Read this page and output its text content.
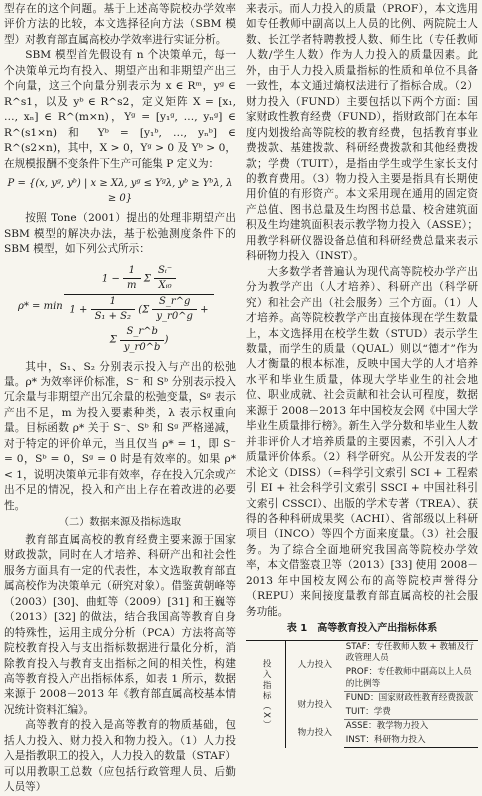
型存在的这个问题。基于上述高等院校办学效率评价方法的比较，本文选择径向方法（SBM 模型）对教育部直属高校办学效率进行实证分析。

SBM 模型首先假设有 n 个决策单元，每一个决策单元均有投入、期望产出和非期望产出三个向量，这三个向量分别表示为 x ∈ Rᵐ，yᵍ ∈ R^s1，以及 yᵇ ∈ R^s2，定义矩阵 X = [x₁, …, xₙ] ∈ R^(m×n)，Yᵍ = [y₁ᵍ, …, yₙᵍ] ∈ R^(s1×n) 和 Yᵇ = [y₁ᵇ, …, yₙᵇ] ∈ R^(s2×n)，其中，X > 0，Yᵍ > 0 及 Yᵇ > 0，在规模报酬不变条件下生产可能集 P 定义为：

P = {(x, yᵍ, yᵇ) | x ≥ Xλ, yᵍ ≤ Yᵍλ, yᵇ ≥ Yᵇλ, λ ≥ 0}

按照 Tone（2001）提出的处理非期望产出 SBM 模型的解决办法，基于松弛测度条件下的 SBM 模型，如下列公式所示：

ρ* = min
$1 - \frac{1}{m}$ Σ $\frac{\text{Sᵢ⁻}}{\text{Xᵢ₀}}$
$1 + \frac{1}{\text{S₁ + S₂}} (\Sigma \frac{S\_r\^{}g}{y\_r0\^{}g} + \Sigma \frac{S\_r\^{}b}{y\_r0\^{}b}$ )

其中，S₁、S₂ 分别表示投入与产出的松弛量。ρ* 为效率评价标准，S⁻ 和 Sᵇ 分别表示投入冗余量与非期望产出冗余量的松弛变量，Sᵍ 表示产出不足，m 为投入要素种类，λ 表示权重向量。目标函数 ρ* 关于 S⁻、Sᵇ 和 Sᵍ 严格递减，对于特定的评价单元，当且仅当 ρ* = 1，即 S⁻ = 0，Sᵇ = 0，Sᵍ = 0 时是有效率的。如果 ρ* < 1，说明决策单元非有效率，存在投入冗余或产出不足的情况，投入和产出上存在着改进的必要性。

（二）数据来源及指标选取

教育部直属高校的教育经费主要来源于国家财政拨款，同时在人才培养、科研产出和社会性服务方面具有一定的代表性，本文选取教育部直属高校作为决策单元（研究对象）。借鉴黄朝峰等（2003）[30]、曲虹等（2009）[31] 和王巍等（2013）[32] 的做法，结合我国高等教育自身的特殊性，运用主成分分析（PCA）方法将高等院校教育投入与支出指标数据进行量化分析，消除教育投入与教育支出指标之间的相关性，构建高等教育投入产出指标体系，如表 1 所示，数据来源于 2008－2013 年《教育部直属高校基本情况统计资料汇编》。

高等教育的投入是高等教育的物质基础，包括人力投入、财力投入和物力投入。（1）人力投入是指教职工的投入，人力投入的数量（STAF）可以用教职工总数（应包括行政管理人员、后勤人员等）

来表示。而人力投入的质量（PROF），本文选用如专任教师中副高以上人员的比例、两院院士人数、长江学者特聘教授人数、师生比（专任教师人数/学生人数）作为人力投入的质量因素。此外，由于人力投入质量指标的性质和单位不具备一致性，本文通过熵权法进行了指标合成。（2）财力投入（FUND）主要包括以下两个方面：国家财政性教育经费（FUND），指财政部门在本年度内划拨给高等院校的教育经费，包括教育事业费拨款、基建拨款、科研经费拨款和其他经费拨款；学费（TUIT），是指由学生或学生家长支付的教育费用。（3）物力投入主要是指具有长期使用价值的有形资产。本文采用现在通用的固定资产总值、图书总量及生均图书总量、校舍建筑面积及生均建筑面积表示教学物力投入（ASSE）；用教学科研仪器设备总值和科研经费总量来表示科研物力投入（INST）。

大多数学者普遍认为现代高等院校办学产出分为教学产出（人才培养）、科研产出（科学研究）和社会产出（社会服务）三个方面。（1）人才培养。高等院校教学产出直接体现在学生数量上，本文选择用在校学生数（STUD）表示学生数量，而学生的质量（QUAL）则以“德才”作为人才衡量的根本标准，反映中国大学的人才培养水平和毕业生质量，体现大学毕业生的社会地位、职业成就、社会贡献和社会认可程度，数据来源于 2008－2013 年中国校友会网《中国大学毕业生质量排行榜》。新生入学分数和毕业生人数并非评价人才培养质量的主要因素，不引入人才质量评价体系。（2）科学研究。从公开发表的学术论文（DISS）（=科学引文索引 SCI + 工程索引 EI + 社会科学引文索引 SSCI + 中国社科引文索引 CSSCI）、出版的学术专著（TREA）、获得的各种科研成果奖（ACHI）、省部级以上科研项目（INCO）等四个方面来度量。（3）社会服务。为了综合全面地研究我国高等院校办学效率，本文借鉴袁卫等（2013）[33] 使用 2008－2013 年中国校友网公布的高等院校声誉得分（REPU）来间接度量教育部直属高校的社会服务功能。

表 1　高等教育投入产出指标体系
投入指标（X）	人力投入	STAF：专任教师人数 + 教辅及行政管理人员
		PROF：专任教师中副高以上人员的比例等
	财力投入	FUND：国家财政性教育经费拨款
		TUIT：学费
	物力投入	ASSE：教学物力投入
		INST：科研物力投入
